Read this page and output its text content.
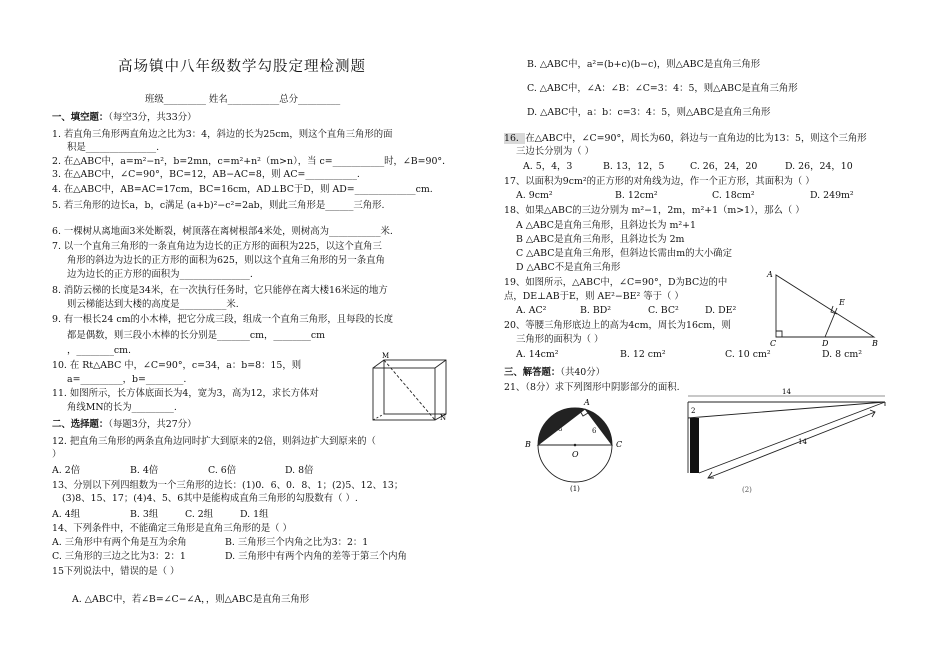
高场镇中八年级数学勾股定理检测题
班级_________ 姓名___________总分_________
一、填空题：（每空3分，共33分）
1. 若直角三角形两直角边之比为3：4，斜边的长为25cm，则这个直角三角形的面
积是_______________.
2. 在△ABC中，a=m²−n²，b=2mn，c=m²+n²（m>n），当 c=___________时，∠B=90°．
3. 在△ABC中，∠C=90°，BC=12，AB−AC=8，则 AC=___________.
4. 在△ABC中，AB=AC=17cm，BC=16cm，AD⊥BC于D，则 AD=_____________cm.
5. 若三角形的边长a，b，c满足 (a+b)²−c²=2ab，则此三角形是______三角形.
6. 一棵树从离地面3米处断裂，树顶落在离树根部4米处，则树高为___________米.
7. 以一个直角三角形的一条直角边为边长的正方形的面积为225，以这个直角三
角形的斜边为边长的正方形的面积为625，则以这个直角三角形的另一条直角
边为边长的正方形的面积为_______________.
8. 消防云梯的长度是34米，在一次执行任务时，它只能停在离大楼16米远的地方
则云梯能达到大楼的高度是__________米.
9. 有一根长24 cm的小木棒，把它分成三段，组成一个直角三角形，且每段的长度
都是偶数，则三段小木棒的长分别是_______cm，________cm
，________cm.
10. 在 Rt△ABC 中，∠C=90°，c=34，a：b=8：15，则
a=_________，b=________.
11. 如图所示，长方体底面长为4，宽为3，高为12，求长方体对
角线MN的长为_________.
M
N
二、选择题：（每题3分，共27分）
12. 把直角三角形的两条直角边同时扩大到原来的2倍，则斜边扩大到原来的（
）
A. 2倍	B. 4倍	C. 6倍	D. 8倍
13、分别以下列四组数为一个三角形的边长：(1)0．6、0．8、1；(2)5、12、13；
(3)8、15、17；(4)4、5、6其中是能构成直角三角形的勾股数有（ ）.
A. 4组	B. 3组	C. 2组	D. 1组
14、下列条件中，不能确定三角形是直角三角形的是（ ）
A. 三角形中有两个角是互为余角	B. 三角形三个内角之比为3：2：1
C. 三角形的三边之比为3：2：1	D. 三角形中有两个内角的差等于第三个内角
15下列说法中，错误的是（ ）
A. △ABC中，若∠B=∠C−∠A，，则△ABC是直角三角形
B. △ABC中，a²=(b+c)(b−c)，则△ABC是直角三角形
C. △ABC中，∠A：∠B：∠C=3：4：5，则△ABC是直角三角形
D. △ABC中，a：b：c=3：4：5，则△ABC是直角三角形
16．在△ABC中，∠C=90°，周长为60，斜边与一直角边的比为13：5，则这个三角形
三边长分别为（ ）
A. 5，4，3	B. 13，12，5	C. 26，24，20	D. 26，24，10
17、以面积为9cm²的正方形的对角线为边，作一个正方形，其面积为（ ）
A. 9cm²	B. 12cm²	C. 18cm²	D. 249m²
18、如果△ABC的三边分别为 m²−1，2m，m²+1（m>1），那么（ ）
A △ABC是直角三角形，且斜边长为 m²+1
B △ABC是直角三角形，且斜边长为 2m
C △ABC是直角三角形，但斜边长需由m的大小确定
D △ABC不是直角三角形
19、如图所示，△ABC中，∠C=90°，D为BC边的中
点，DE⊥AB于E，则 AE²−BE² 等于（ ）
A. AC²	B. BD²	C. BC²	D. DE²
20、等腰三角形底边上的高为4cm，周长为16cm，则
三角形的面积为（ ）
A. 14cm²	B. 12 cm²	C. 10 cm²	D. 8 cm²
A
E
C	D	B
三、解答题：（共40分）
21、（8分）求下列图形中阴影部分的面积.
A
B	C
O
8	6
(1)
14
14
2
(2)
